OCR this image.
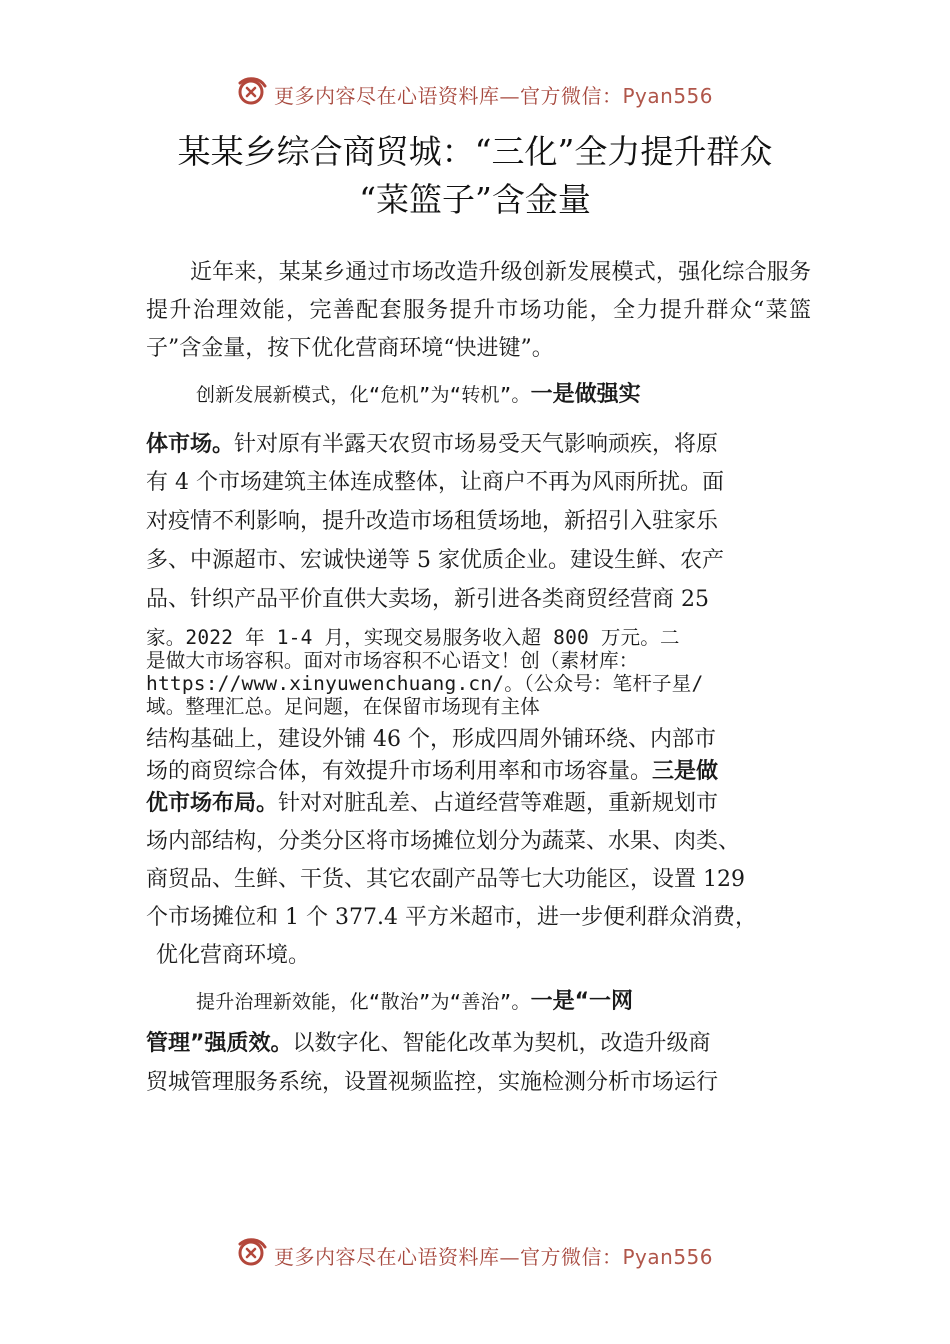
更多内容尽在心语资料库—官方微信：Pyan556
某某乡综合商贸城：“三化”全力提升群众
“菜篮子”含金量

近年来，某某乡通过市场改造升级创新发展模式，强化综合服务提升治理效能，完善配套服务提升市场功能，全力提升群众“菜篮子”含金量，按下优化营商环境“快进键”。

创新发展新模式，化“危机”为“转机”。一是做强实
体市场。针对原有半露天农贸市场易受天气影响顽疾，将原
有 4 个市场建筑主体连成整体，让商户不再为风雨所扰。面
对疫情不利影响，提升改造市场租赁场地，新招引入驻家乐
多、中源超市、宏诚快递等 5 家优质企业。建设生鲜、农产
品、针织产品平价直供大卖场，新引进各类商贸经营商 25
家。2022 年 1-4 月，实现交易服务收入超 800 万元。二
是做大市场容积。面对市场容积不心语文！创（素材库：
https://www.xinyuwenchuang.cn/。（公众号：笔杆子星/
域。整理汇总。足问题，在保留市场现有主体
结构基础上，建设外铺 46 个，形成四周外铺环绕、内部市
场的商贸综合体，有效提升市场利用率和市场容量。三是做
优市场布局。针对对脏乱差、占道经营等难题，重新规划市
场内部结构，分类分区将市场摊位划分为蔬菜、水果、肉类、
商贸品、生鲜、干货、其它农副产品等七大功能区，设置 129
个市场摊位和 1 个 377.4 平方米超市，进一步便利群众消费，
优化营商环境。
提升治理新效能，化“散治”为“善治”。一是“一网
管理”强质效。以数字化、智能化改革为契机，改造升级商
贸城管理服务系统，设置视频监控，实施检测分析市场运行
更多内容尽在心语资料库—官方微信：Pyan556
